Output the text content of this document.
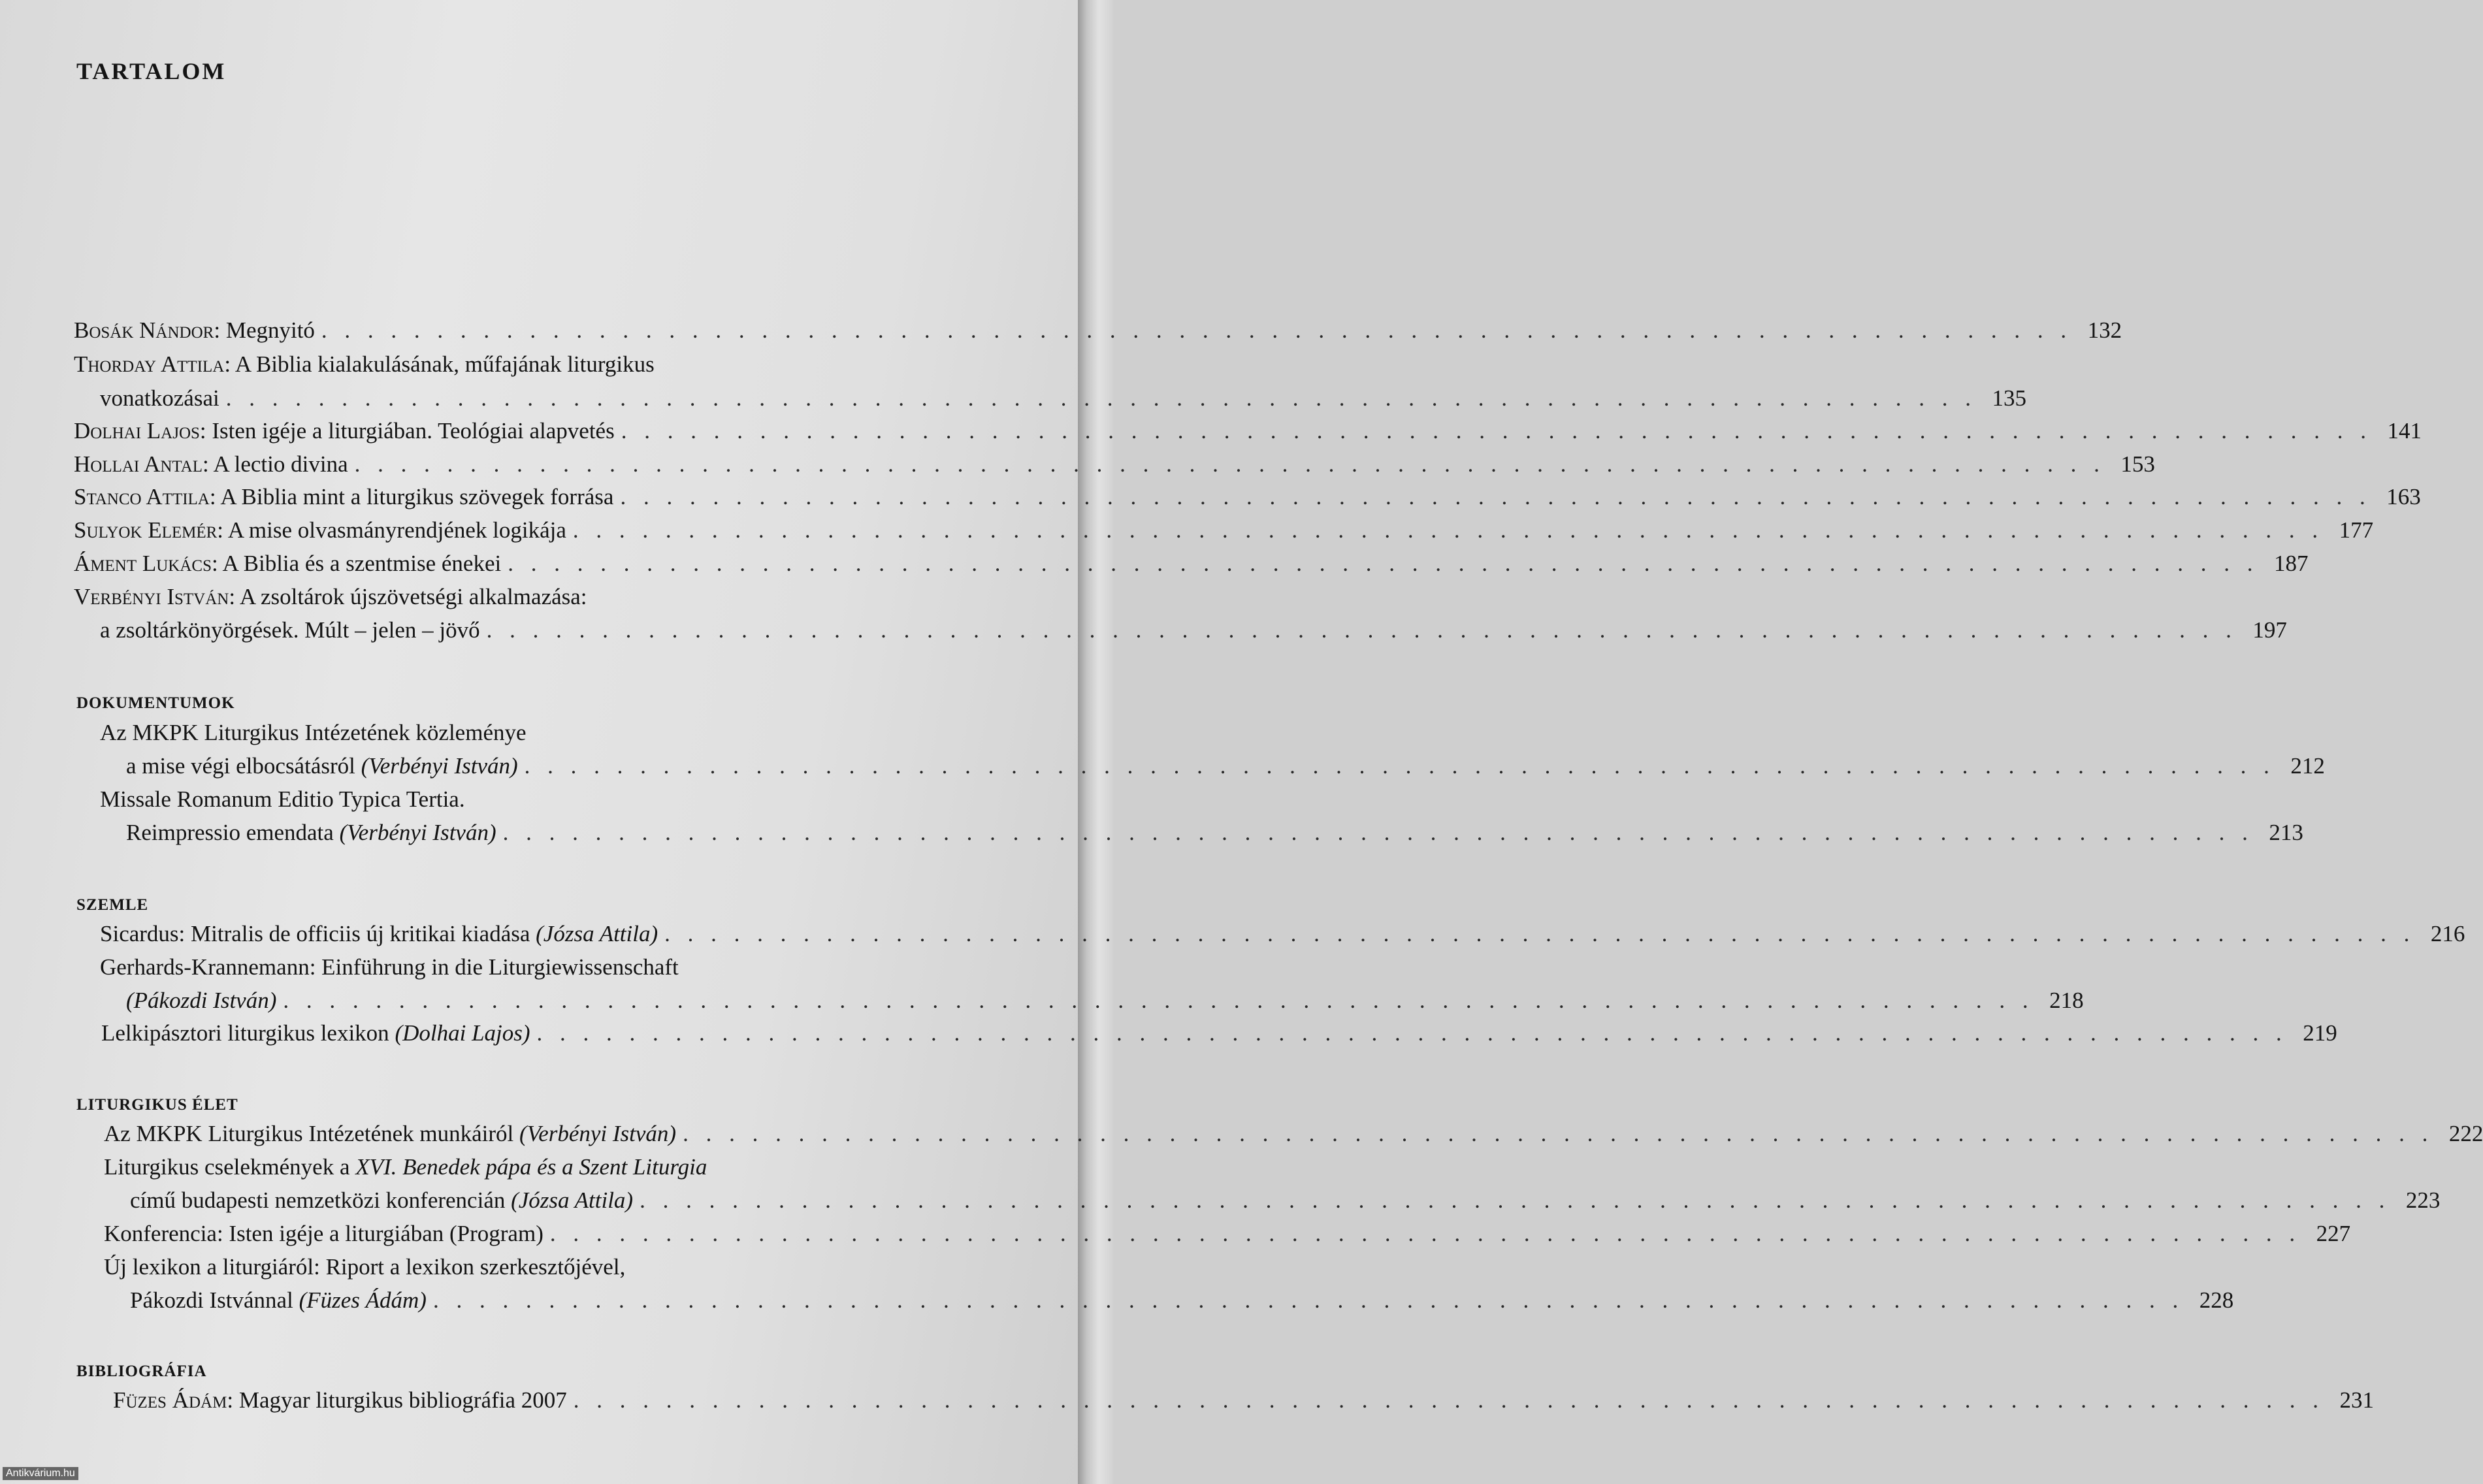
TARTALOM
Bosák Nándor: Megnyitó . . . . . . . . . . . . . . . . . . . . . . . . . . . . . . . . . . . . . . . . . . . . . . . . . . . . . . . . . . . . . . . . . . . . . . . . . . . . 132
Thorday Attila: A Biblia kialakulásának, műfajának liturgikus
vonatkozásai . . . . . . . . . . . . . . . . . . . . . . . . . . . . . . . . . . . . . . . . . . . . . . . . . . . . . . . . . . . . . . . . . . . . . . . . . . . . 135
Dolhai Lajos: Isten igéje a liturgiában. Teológiai alapvetés . . . . . . . . . . . . . . . . . . . . . . . . . . . . . . . . . . . . . . . . . . . . . . . . . . . . . . . . . . . . . . . . . . . . . . . . . . . . 141
Hollai Antal: A lectio divina . . . . . . . . . . . . . . . . . . . . . . . . . . . . . . . . . . . . . . . . . . . . . . . . . . . . . . . . . . . . . . . . . . . . . . . . . . . . 153
Stanco Attila: A Biblia mint a liturgikus szövegek forrása . . . . . . . . . . . . . . . . . . . . . . . . . . . . . . . . . . . . . . . . . . . . . . . . . . . . . . . . . . . . . . . . . . . . . . . . . . . . 163
Sulyok Elemér: A mise olvasmányrendjének logikája . . . . . . . . . . . . . . . . . . . . . . . . . . . . . . . . . . . . . . . . . . . . . . . . . . . . . . . . . . . . . . . . . . . . . . . . . . . . 177
Áment Lukács: A Biblia és a szentmise énekei . . . . . . . . . . . . . . . . . . . . . . . . . . . . . . . . . . . . . . . . . . . . . . . . . . . . . . . . . . . . . . . . . . . . . . . . . . . . 187
Verbényi István: A zsoltárok újszövetségi alkalmazása:
a zsoltárkönyörgések. Múlt – jelen – jövő . . . . . . . . . . . . . . . . . . . . . . . . . . . . . . . . . . . . . . . . . . . . . . . . . . . . . . . . . . . . . . . . . . . . . . . . . . . . 197
DOKUMENTUMOK
Az MKPK Liturgikus Intézetének közleménye
a mise végi elbocsátásról (Verbényi István) . . . . . . . . . . . . . . . . . . . . . . . . . . . . . . . . . . . . . . . . . . . . . . . . . . . . . . . . . . . . . . . . . . . . . . . . . . . . 212
Missale Romanum Editio Typica Tertia.
Reimpressio emendata (Verbényi István) . . . . . . . . . . . . . . . . . . . . . . . . . . . . . . . . . . . . . . . . . . . . . . . . . . . . . . . . . . . . . . . . . . . . . . . . . . . . 213
SZEMLE
Sicardus: Mitralis de officiis új kritikai kiadása (Józsa Attila) . . . . . . . . . . . . . . . . . . . . . . . . . . . . . . . . . . . . . . . . . . . . . . . . . . . . . . . . . . . . . . . . . . . . . . . . . . . . 216
Gerhards-Krannemann: Einführung in die Liturgiewissenschaft
(Pákozdi István) . . . . . . . . . . . . . . . . . . . . . . . . . . . . . . . . . . . . . . . . . . . . . . . . . . . . . . . . . . . . . . . . . . . . . . . . . . . . 218
Lelkipásztori liturgikus lexikon (Dolhai Lajos) . . . . . . . . . . . . . . . . . . . . . . . . . . . . . . . . . . . . . . . . . . . . . . . . . . . . . . . . . . . . . . . . . . . . . . . . . . . . 219
LITURGIKUS ÉLET
Az MKPK Liturgikus Intézetének munkáiról (Verbényi István) . . . . . . . . . . . . . . . . . . . . . . . . . . . . . . . . . . . . . . . . . . . . . . . . . . . . . . . . . . . . . . . . . . . . . . . . . . . . 222
Liturgikus cselekmények a XVI. Benedek pápa és a Szent Liturgia
című budapesti nemzetközi konferencián (Józsa Attila) . . . . . . . . . . . . . . . . . . . . . . . . . . . . . . . . . . . . . . . . . . . . . . . . . . . . . . . . . . . . . . . . . . . . . . . . . . . . 223
Konferencia: Isten igéje a liturgiában (Program) . . . . . . . . . . . . . . . . . . . . . . . . . . . . . . . . . . . . . . . . . . . . . . . . . . . . . . . . . . . . . . . . . . . . . . . . . . . . 227
Új lexikon a liturgiáról: Riport a lexikon szerkesztőjével,
Pákozdi Istvánnal (Füzes Ádám) . . . . . . . . . . . . . . . . . . . . . . . . . . . . . . . . . . . . . . . . . . . . . . . . . . . . . . . . . . . . . . . . . . . . . . . . . . . . 228
BIBLIOGRÁFIA
Füzes Ádám: Magyar liturgikus bibliográfia 2007 . . . . . . . . . . . . . . . . . . . . . . . . . . . . . . . . . . . . . . . . . . . . . . . . . . . . . . . . . . . . . . . . . . . . . . . . . . . . 231
Antikvárium.hu
